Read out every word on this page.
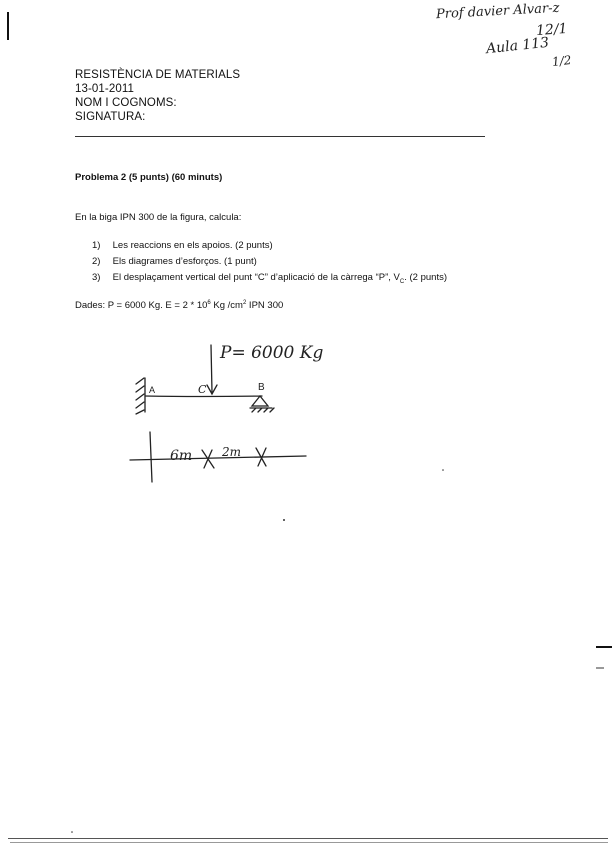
Prof davier Alvar-z
12/1
Aula 113
1/2
RESISTÈNCIA DE MATERIALS
13-01-2011
NOM I COGNOMS:
SIGNATURA:
Problema 2 (5 punts) (60 minuts)
En la biga IPN 300 de la figura, calcula:
1) Les reaccions en els apoios. (2 punts)
2) Els diagrames d’esforços. (1 punt)
3) El desplaçament vertical del punt “C” d’aplicació de la càrrega “P”, $V_C$. (2 punts)
Dades: P = 6000 Kg. $E = 2 * 10^6$ Kg $/cm^2$ IPN 300
P= 6000 Kg
A	C	B
6m 2m
